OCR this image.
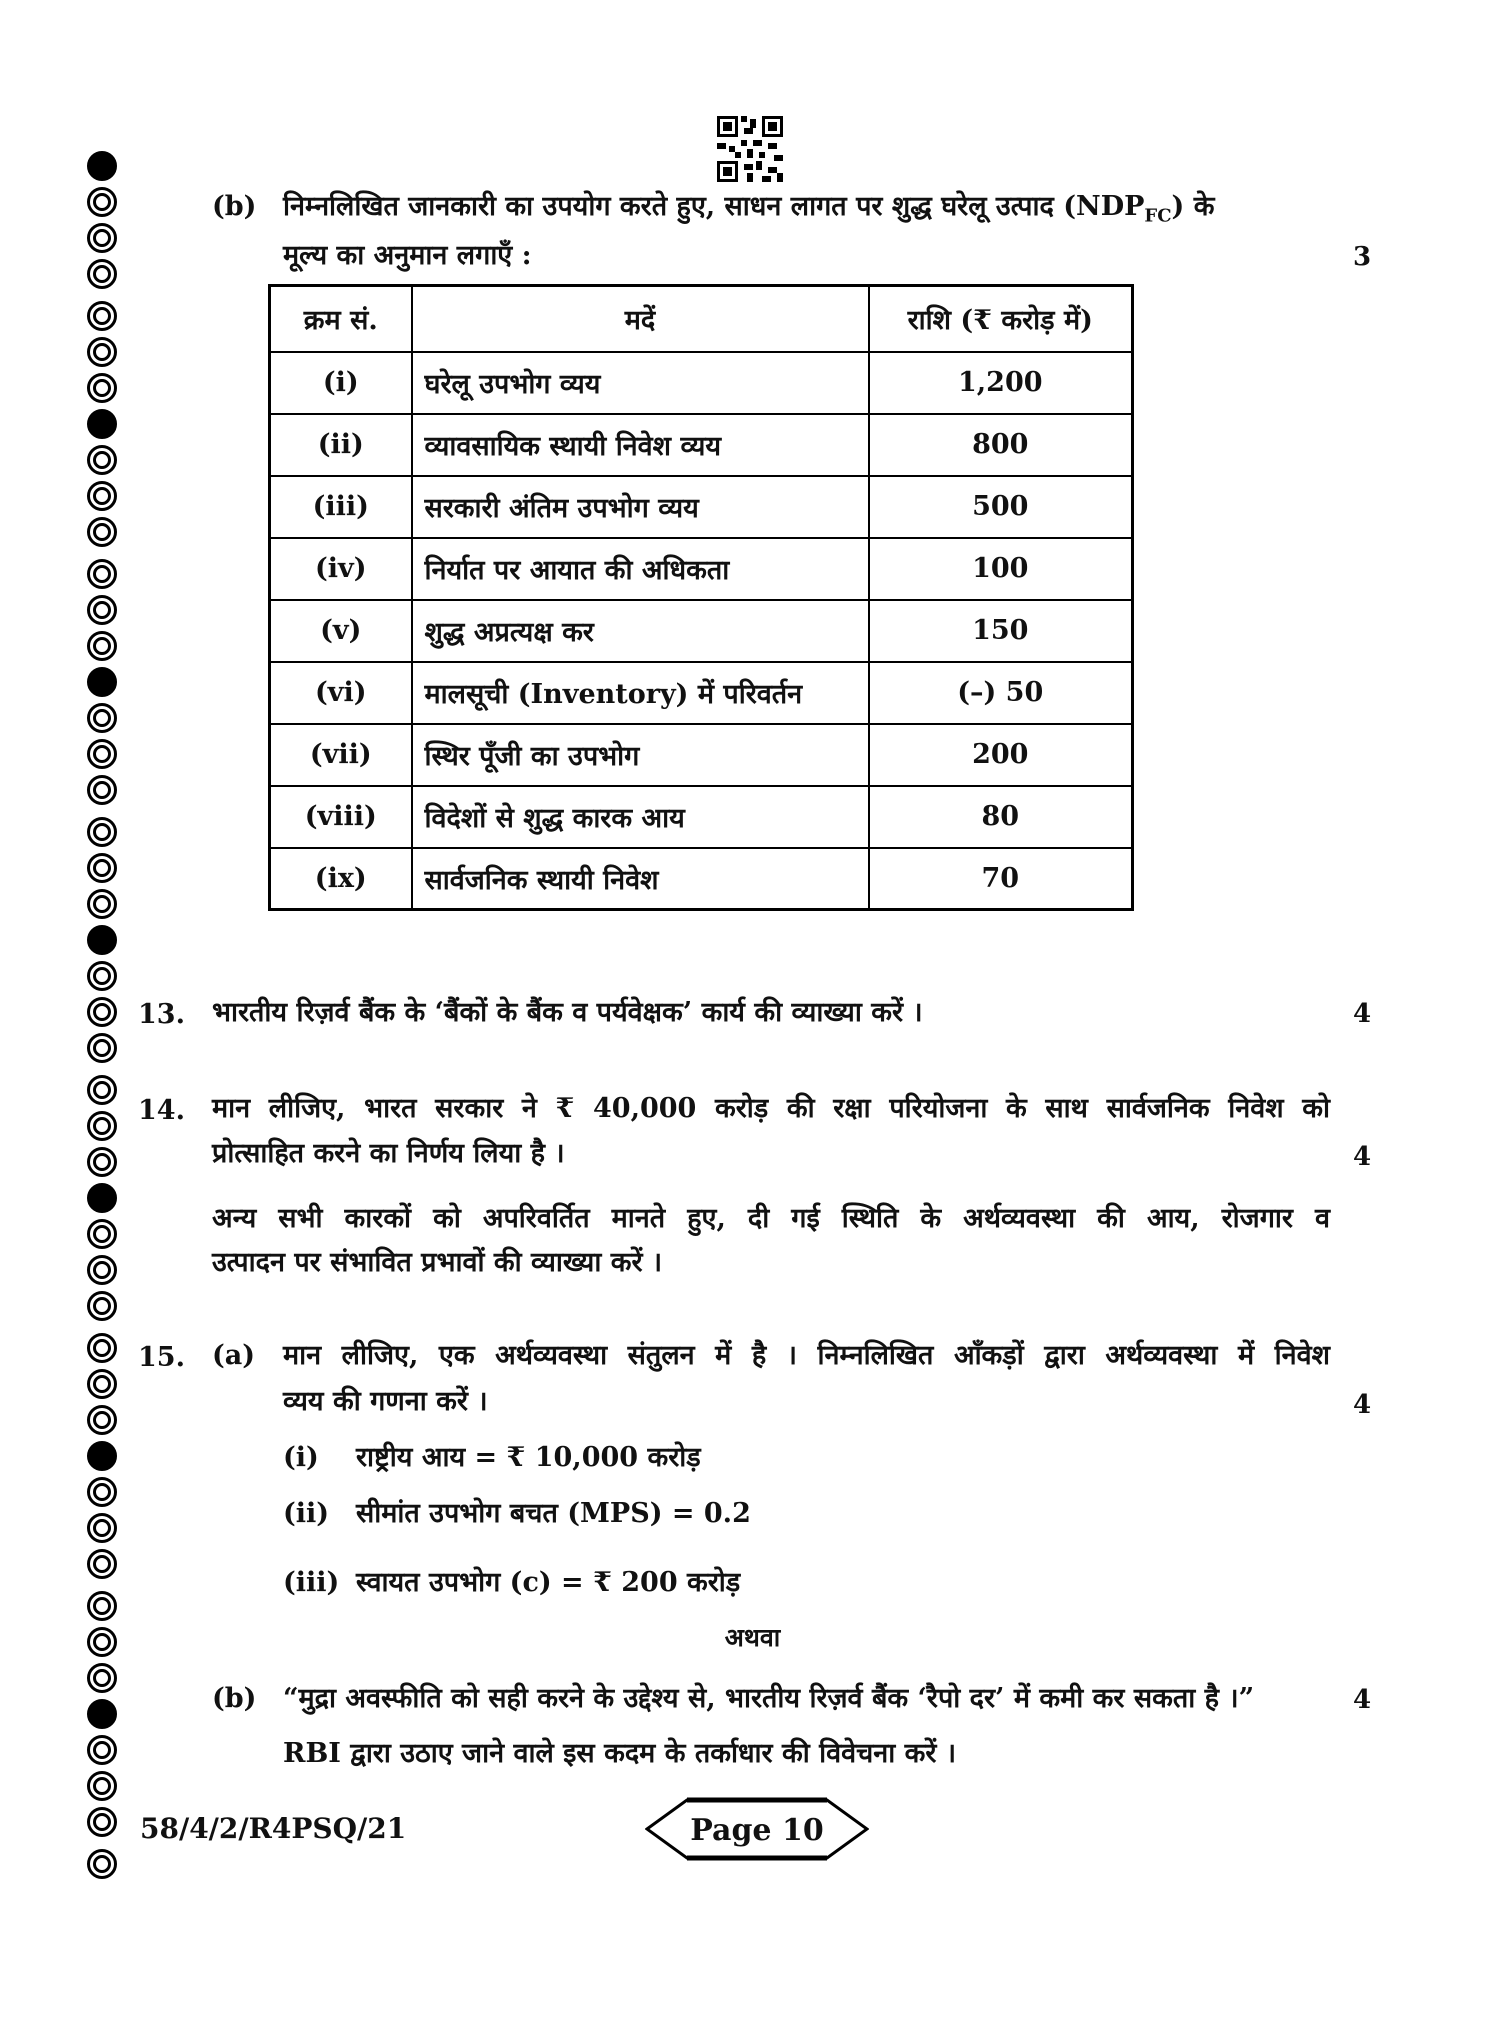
(b) निम्नलिखित जानकारी का उपयोग करते हुए, साधन लागत पर शुद्ध घरेलू उत्पाद $(NDP_{FC})$ के
मूल्य का अनुमान लगाएँ :	3
क्रम सं.	मदें	राशि (₹ करोड़ में)
(i)	घरेलू उपभोग व्यय	1,200
(ii)	व्यावसायिक स्थायी निवेश व्यय	800
(iii)	सरकारी अंतिम उपभोग व्यय	500
(iv)	निर्यात पर आयात की अधिकता	100
(v)	शुद्ध अप्रत्यक्ष कर	150
(vi)	मालसूची (Inventory) में परिवर्तन	(–) 50
(vii)	स्थिर पूँजी का उपभोग	200
(viii)	विदेशों से शुद्ध कारक आय	80
(ix)	सार्वजनिक स्थायी निवेश	70
13. भारतीय रिज़र्व बैंक के ‘बैंकों के बैंक व पर्यवेक्षक’ कार्य की व्याख्या करें ।	4
14. मान लीजिए, भारत सरकार ने ₹ 40,000 करोड़ की रक्षा परियोजना के साथ सार्वजनिक निवेश को
प्रोत्साहित करने का निर्णय लिया है ।	4
अन्य सभी कारकों को अपरिवर्तित मानते हुए, दी गई स्थिति के अर्थव्यवस्था की आय, रोजगार व
उत्पादन पर संभावित प्रभावों की व्याख्या करें ।
15. (a) मान लीजिए, एक अर्थव्यवस्था संतुलन में है । निम्नलिखित आँकड़ों द्वारा अर्थव्यवस्था में निवेश
व्यय की गणना करें ।	4
(i) राष्ट्रीय आय = ₹ 10,000 करोड़
(ii) सीमांत उपभोग बचत (MPS) = 0.2
(iii) स्वायत उपभोग (c) = ₹ 200 करोड़
अथवा
(b) “मुद्रा अवस्फीति को सही करने के उद्देश्य से, भारतीय रिज़र्व बैंक ‘रैपो दर’ में कमी कर सकता है ।”	4
RBI द्वारा उठाए जाने वाले इस कदम के तर्काधार की विवेचना करें ।
58/4/2/R4PSQ/21	Page 10
